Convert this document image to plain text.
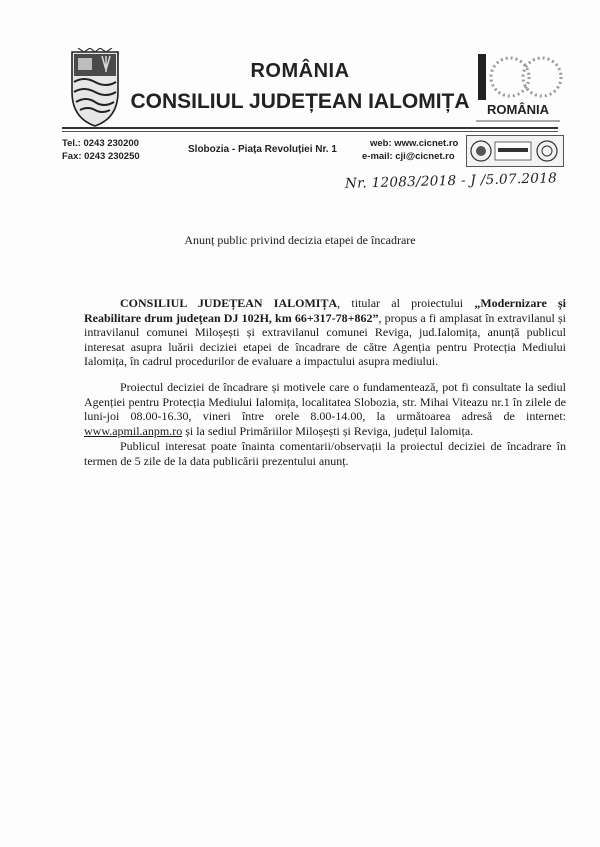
ROMÂNIA
CONSILIUL JUDEȚEAN IALOMIȚA ROMÂNIA
Tel.: 0243 230200
Fax: 0243 230250
Slobozia - Piața Revoluției Nr. 1
web: www.cicnet.ro
e-mail: cji@cicnet.ro
Nr. 12083/2018 - J /5.07.2018
Anunț public privind decizia etapei de încadrare
CONSILIUL JUDEȚEAN IALOMIȚA, titular al proiectului „Modernizare și Reabilitare drum județean DJ 102H, km 66+317-78+862”, propus a fi amplasat în extravilanul și intravilanul comunei Miloșești și extravilanul comunei Reviga, jud.Ialomița, anunță publicul interesat asupra luării deciziei etapei de încadrare de către Agenția pentru Protecția Mediului Ialomița, în cadrul procedurilor de evaluare a impactului asupra mediului.
Proiectul deciziei de încadrare și motivele care o fundamentează, pot fi consultate la sediul Agenției pentru Protecția Mediului Ialomița, localitatea Slobozia, str. Mihai Viteazu nr.1 în zilele de luni-joi 08.00-16.30, vineri între orele 8.00-14.00, la următoarea adresă de internet: www.apmil.anpm.ro și la sediul Primăriilor Miloșești și Reviga, județul Ialomița.
Publicul interesat poate înainta comentarii/observații la proiectul deciziei de încadrare în termen de 5 zile de la data publicării prezentului anunț.
